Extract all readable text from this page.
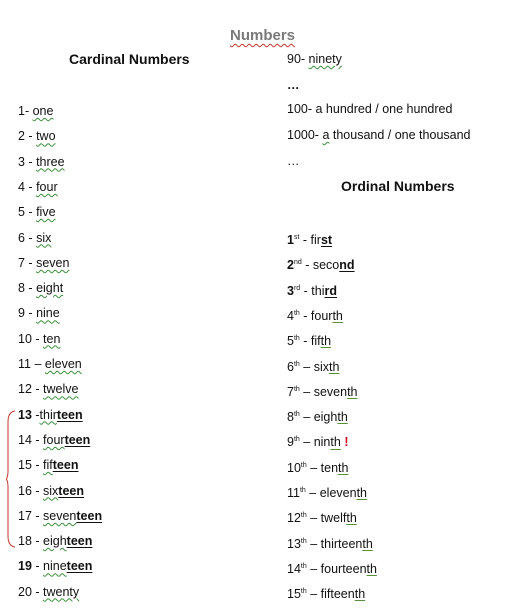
Numbers
Cardinal Numbers
Ordinal Numbers
1- one
2 - two
3 - three
4 - four
5 - five
6 - six
7 - seven
8 - eight
9 - nine
10 - ten
11 – eleven
12 - twelve
13 -thirteen
14 - fourteen
15 - fifteen
16 - sixteen
17 - seventeen
18 - eighteen
19 - nineteen
20 - twenty
90- ninety
…
100- a hundred / one hundred
1000- a thousand / one thousand
…
1st - first
2nd - second
3rd - third
4th - fourth
5th - fifth
6th – sixth
7th – seventh
8th – eighth
9th – ninth !
10th – tenth
11th – eleventh
12th – twelfth
13th – thirteenth
14th – fourteenth
15th – fifteenth
